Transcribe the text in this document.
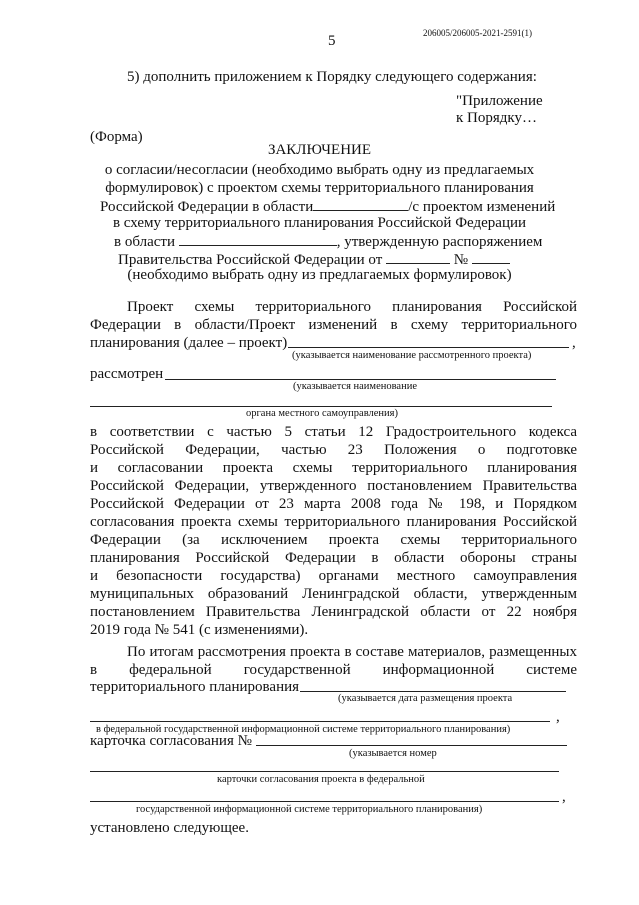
5	206005/206005-2021-2591(1)
5) дополнить приложением к Порядку следующего содержания:
"Приложение
к Порядку…
(Форма)
ЗАКЛЮЧЕНИЕ
о согласии/несогласии (необходимо выбрать одну из предлагаемых
формулировок) с проектом схемы территориального планирования
Российской Федерации в области	/с проектом изменений
в схему территориального планирования Российской Федерации
в области	, утвержденную распоряжением
Правительства Российской Федерации от	№
(необходимо выбрать одну из предлагаемых формулировок)
Проект схемы территориального планирования Российской
Федерации в области/Проект изменений в схему территориального
планирования (далее – проект)	,
(указывается наименование рассмотренного проекта)
рассмотрен
(указывается наименование
органа местного самоуправления)
в соответствии с частью 5 статьи 12 Градостроительного кодекса
Российской Федерации, частью 23 Положения о подготовке
и согласовании проекта схемы территориального планирования
Российской Федерации, утвержденного постановлением Правительства
Российской Федерации от 23 марта 2008 года № 198, и Порядком
согласования проекта схемы территориального планирования Российской
Федерации (за исключением проекта схемы территориального
планирования Российской Федерации в области обороны страны
и безопасности государства) органами местного самоуправления
муниципальных образований Ленинградской области, утвержденным
постановлением Правительства Ленинградской области от 22 ноября
2019 года № 541 (с изменениями).
По итогам рассмотрения проекта в составе материалов, размещенных
в федеральной государственной информационной системе
территориального планирования
(указывается дата размещения проекта
,
в федеральной государственной информационной системе территориального планирования)
карточка согласования №
(указывается номер
карточки согласования проекта в федеральной
,
государственной информационной системе территориального планирования)
установлено следующее.
